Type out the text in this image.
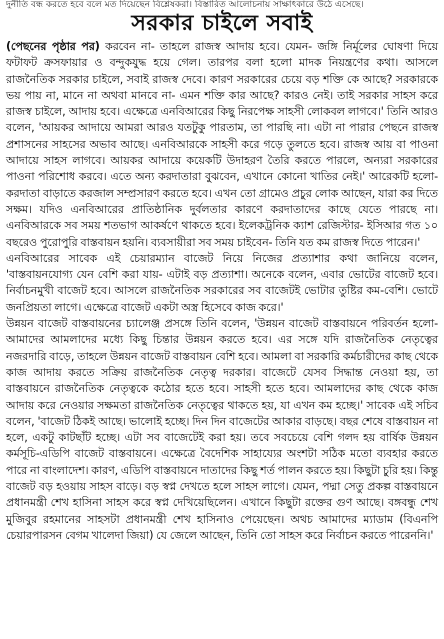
দুর্নীতি বন্ধ করতে হবে বলে মত দিয়েছেন বিশ্লেষকরা। বিস্তারিত আলোচনায় সাক্ষাৎকারে উঠে এসেছে।
সরকার চাইলে সবাই

(পেছনের পৃষ্ঠার পর) করবেন না- তাহলে রাজস্ব আদায় হবে। যেমন- জঙ্গি নির্মূলের ঘোষণা দিয়ে ফটাফট ক্রসফায়ার ও বন্দুকযুদ্ধ হয়ে গেল। তারপর বলা হলো মাদক নিয়ন্ত্রণের কথা। আসলে রাজনৈতিক সরকার চাইলে, সবাই রাজস্ব দেবে। কারণ সরকারের চেয়ে বড় শক্তি কে আছে? সরকারকে ভয় পায় না, মানে না অথবা মানবে না- এমন শক্তি কার আছে? কারও নেই। তাই সরকার সাহস করে রাজস্ব চাইলে, আদায় হবে। এক্ষেত্রে এনবিআরের কিছু নিরপেক্ষ সাহসী লোকবল লাগবে।' তিনি আরও বলেন, 'আয়কর আদায়ে আমরা আরও যতটুকু পারতাম, তা পারছি না। এটা না পারার পেছনে রাজস্ব প্রশাসনের সাহসের অভাব আছে। এনবিআরকে সাহসী করে গড়ে তুলতে হবে। রাজস্ব আয় বা পাওনা আদায়ে সাহস লাগবে। আয়কর আদায়ে কয়েকটি উদাহরণ তৈরি করতে পারলে, অন্যরা সরকারের পাওনা পরিশোধ করবে। এতে অন্য করদাতারা বুঝবেন, এখানে কোনো খাতির নেই।' আরেকটি হলো- করদাতা বাড়াতে করজাল সম্প্রসারণ করতে হবে। এখন তো গ্রামেও প্রচুর লোক আছেন, যারা কর দিতে সক্ষম। যদিও এনবিআরের প্রাতিষ্ঠানিক দুর্বলতার কারণে করদাতাদের কাছে যেতে পারছে না। এনবিআরকে সব সময় শতভাগ আকর্ষণে থাকতে হবে। ইলেকট্রনিক ক্যাশ রেজিস্টার- ইসিআর গত ১০ বছরেও পুরোপুরি বাস্তবায়ন হয়নি। ব্যবসায়ীরা সব সময় চাইবেন- তিনি যত কম রাজস্ব দিতে পারেন।'

এনবিআরের সাবেক এই চেয়ারম্যান বাজেট নিয়ে নিজের প্রত্যাশার কথা জানিয়ে বলেন, 'বাস্তবায়নযোগ্য যেন বেশি করা যায়- এটাই বড় প্রত্যাশা। অনেকে বলেন, এবার ভোটের বাজেট হবে। নির্বাচনমুখী বাজেট হবে। আসলে রাজনৈতিক সরকারের সব বাজেটই ভোটার তুষ্টির কম-বেশি। ভোটে জনপ্রিয়তা লাগে। এক্ষেত্রে বাজেট একটা অস্ত্র হিসেবে কাজ করে।'

উন্নয়ন বাজেট বাস্তবায়নের চ্যালেঞ্জ প্রসঙ্গে তিনি বলেন, 'উন্নয়ন বাজেট বাস্তবায়নে পরিবর্তন হলো- আমাদের আমলাদের মধ্যে কিছু চিন্তার উন্নয়ন করতে হবে। এর সঙ্গে যদি রাজনৈতিক নেতৃত্বের নজরদারি বাড়ে, তাহলে উন্নয়ন বাজেট বাস্তবায়ন বেশি হবে। আমলা বা সরকারি কর্মচারীদের কাছ থেকে কাজ আদায় করতে সক্রিয় রাজনৈতিক নেতৃত্ব দরকার। বাজেটে যেসব সিদ্ধান্ত নেওয়া হয়, তা বাস্তবায়নে রাজনৈতিক নেতৃত্বকে কঠোর হতে হবে। সাহসী হতে হবে। আমলাদের কাছ থেকে কাজ আদায় করে নেওয়ার সক্ষমতা রাজনৈতিক নেতৃত্বের থাকতে হয়, যা এখন কম হচ্ছে।' সাবেক এই সচিব বলেন, 'বাজেট ঠিকই আছে। ভালোই হচ্ছে। দিন দিন বাজেটের আকার বাড়ছে। বছর শেষে বাস্তবায়ন না হলে, একটু কাটছাঁট হচ্ছে। এটা সব বাজেটেই করা হয়। তবে সবচেয়ে বেশি গলদ হয় বার্ষিক উন্নয়ন কর্মসূচি-এডিপি বাজেট বাস্তবায়নে। এক্ষেত্রে বৈদেশিক সাহায্যের অংশটা সঠিক মতো ব্যবহার করতে পারে না বাংলাদেশ। কারণ, এডিপি বাস্তবায়নে দাতাদের কিছু শর্ত পালন করতে হয়। কিছুটা চুরি হয়। কিন্তু বাজেট বড় হওয়ায় সাহস বাড়ে। বড় স্বপ্ন দেখতে হলে সাহস লাগে। যেমন, পদ্মা সেতু প্রকল্প বাস্তবায়নে প্রধানমন্ত্রী শেখ হাসিনা সাহস করে স্বপ্ন দেখিয়েছিলেন। এখানে কিছুটা রক্তের গুণ আছে। বঙ্গবন্ধু শেখ মুজিবুর রহমানের সাহসটা প্রধানমন্ত্রী শেখ হাসিনাও পেয়েছেন। অথচ আমাদের ম্যাডাম (বিএনপি চেয়ারপারসন বেগম খালেদা জিয়া) যে জেলে আছেন, তিনি তো সাহস করে নির্বাচন করতে পারেননি।'
